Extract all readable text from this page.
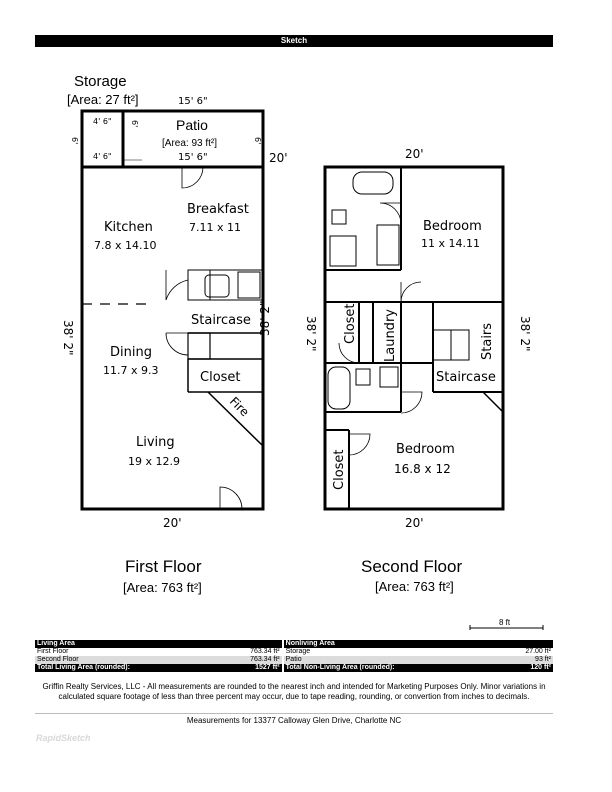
Sketch
Storage
[Area: 27 ft²]	15' 6"
4' 6"
4' 6"
6'
6'
6'
Patio
[Area: 93 ft²]
15' 6"	20'
Kitchen
7.8 x 14.10
Breakfast
7.11 x 11
Staircase
Dining
11.7 x 9.3	Closet
Fire
Living
19 x 12.9
38' 2"
38' 2"
20'
20'
Bedroom
11 x 14.11
Closet Laundry	Stairs
Staircase
Bedroom
16.8 x 12
Closet
38' 2"	38' 2"
20'
First Floor
[Area: 763 ft²]
Second Floor
[Area: 763 ft²]
8 ft
Living Area		Nonliving Area	
First Floor	763.34 ft²	Storage	27.00 ft²
Second Floor	763.34 ft²	Patio	93 ft²
Total Living Area (rounded):	1527 ft²	Total Non-Living Area (rounded):	120 ft²
Griffin Realty Services, LLC - All measurements are rounded to the nearest inch and intended for Marketing Purposes Only. Minor variations in calculated square footage of less than three percent may occur, due to tape reading, rounding, or convertion from inches to decimals.
Measurements for 13377 Calloway Glen Drive, Charlotte NC
RapidSketch
